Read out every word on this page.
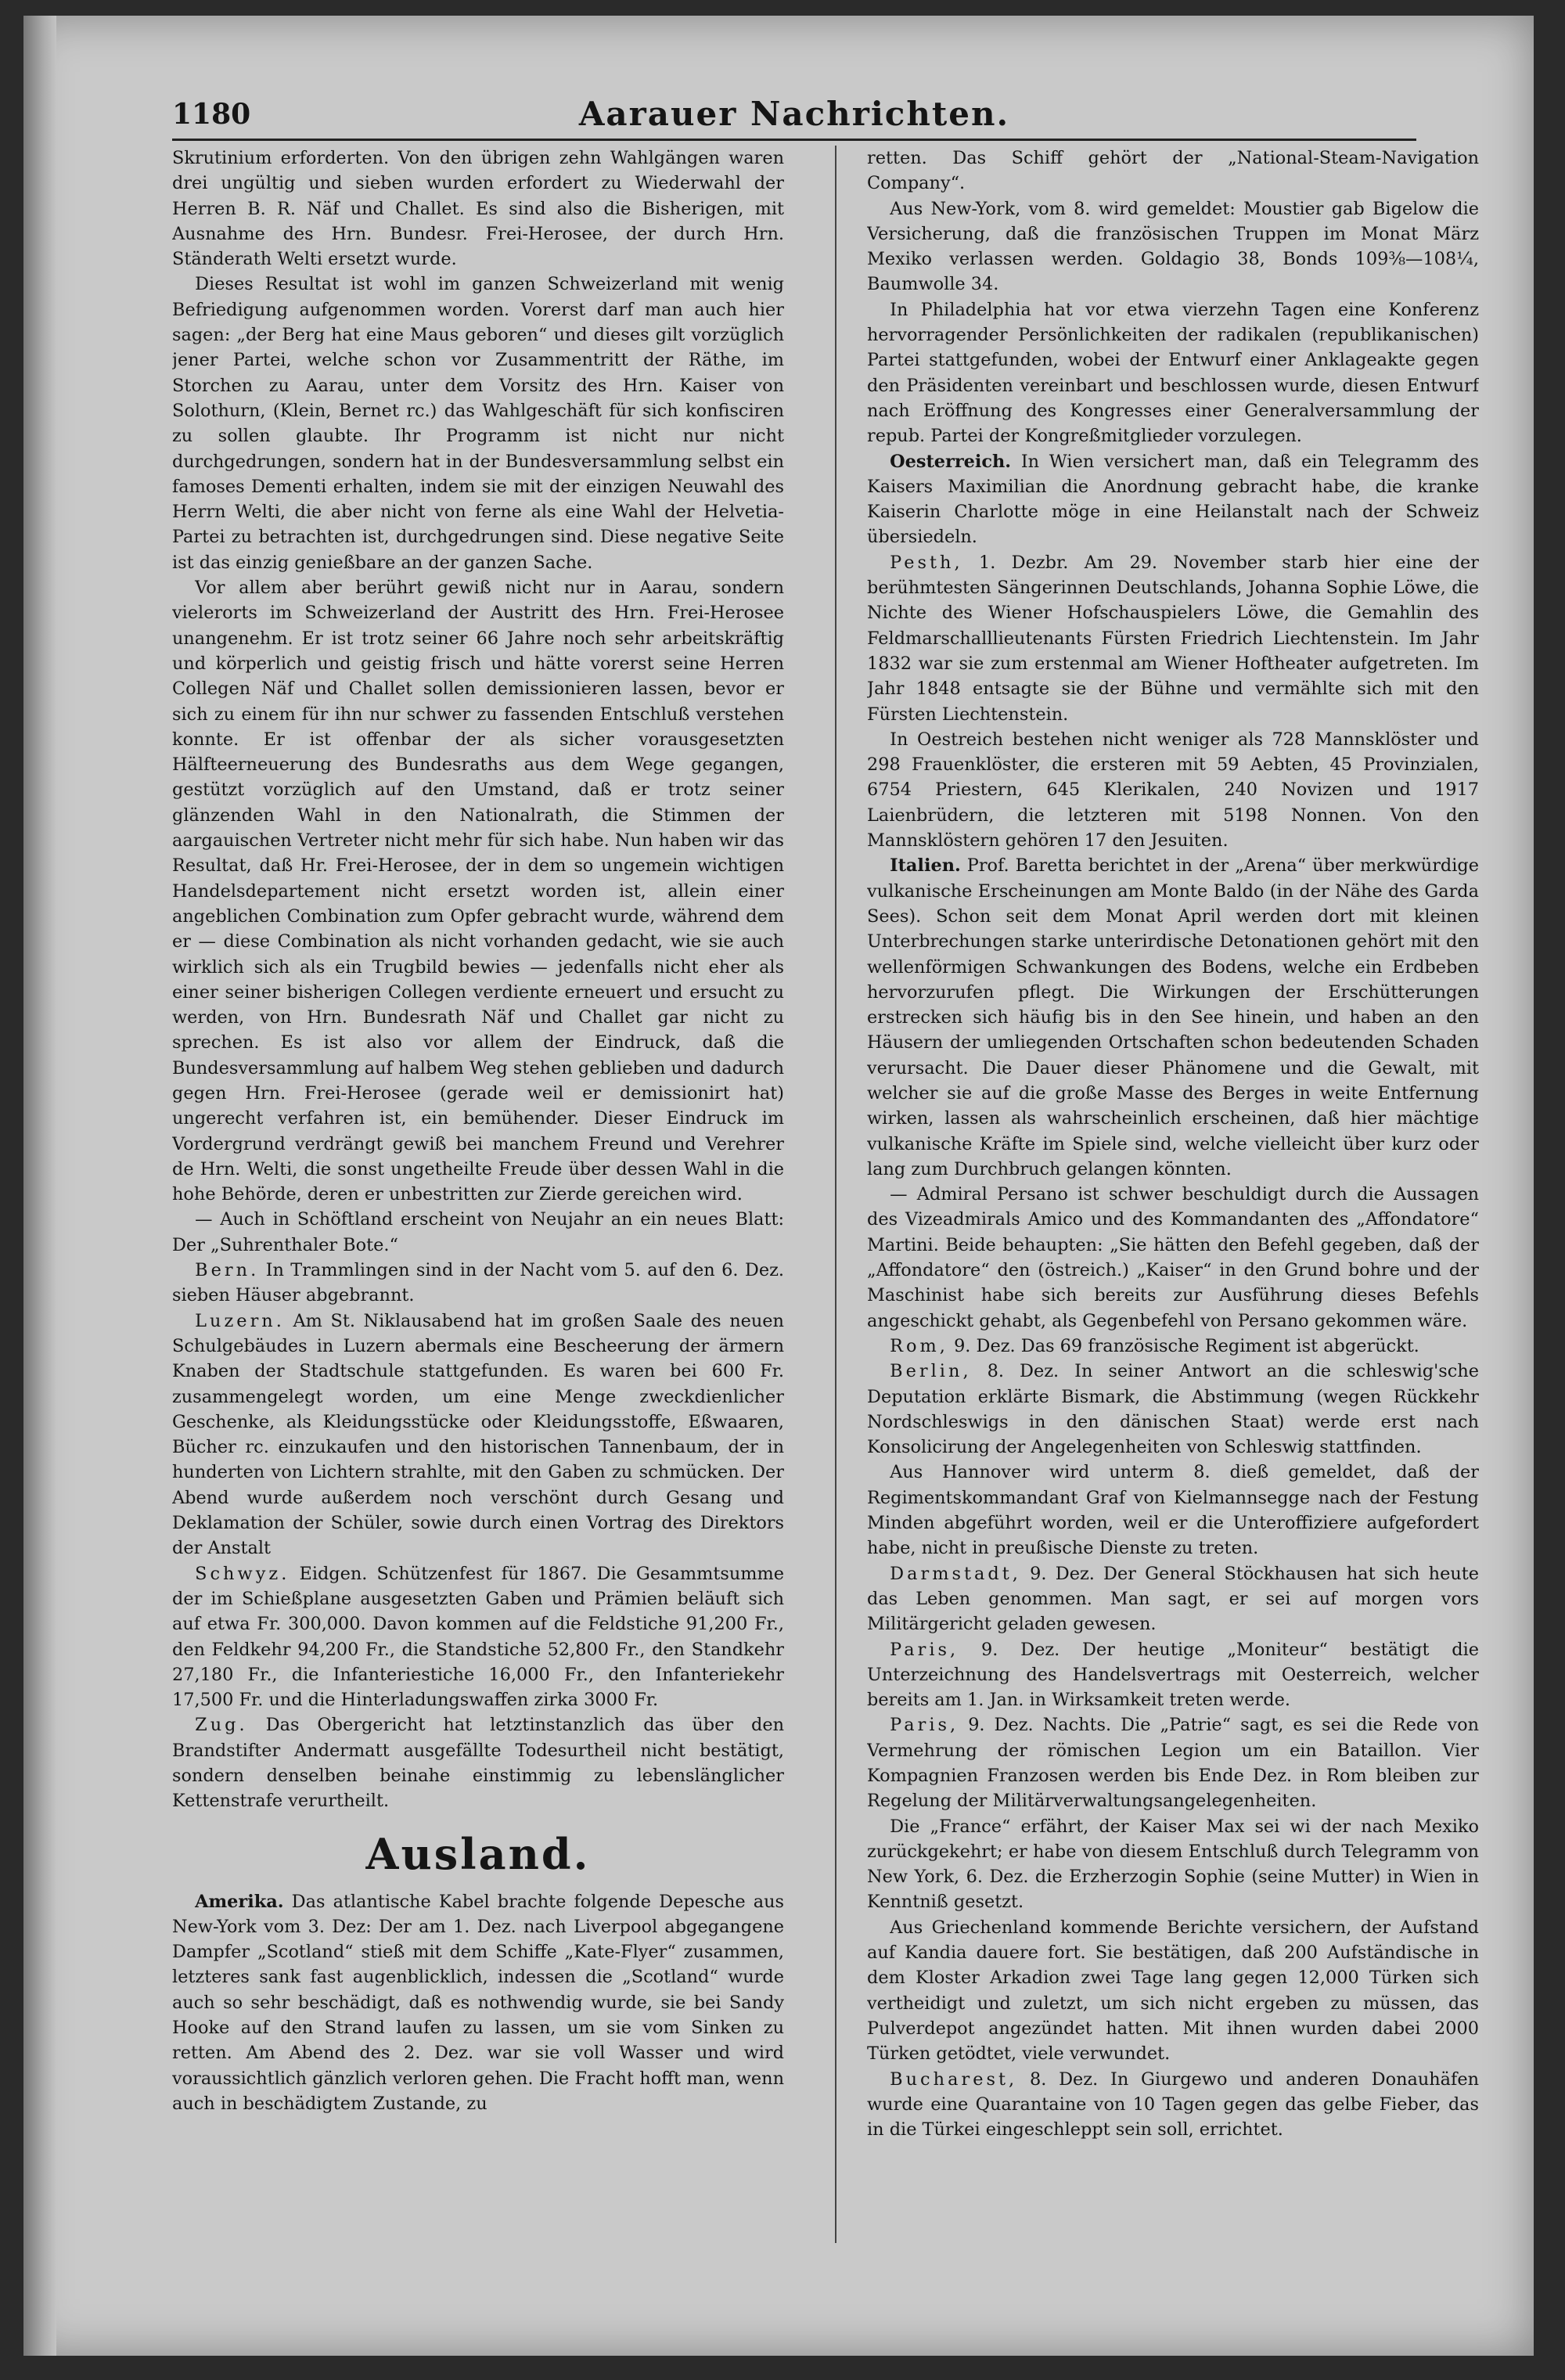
1180	Aarauer Nachrichten.

Skrutinium erforderten. Von den übrigen zehn Wahlgängen waren drei ungültig und sieben wurden erfordert zu Wiederwahl der Herren B. R. Näf und Challet. Es sind also die Bisherigen, mit Ausnahme des Hrn. Bundesr. Frei-Herosee, der durch Hrn. Ständerath Welti ersetzt wurde.

Dieses Resultat ist wohl im ganzen Schweizerland mit wenig Befriedigung aufgenommen worden. Vorerst darf man auch hier sagen: „der Berg hat eine Maus geboren“ und dieses gilt vorzüglich jener Partei, welche schon vor Zusammentritt der Räthe, im Storchen zu Aarau, unter dem Vorsitz des Hrn. Kaiser von Solothurn, (Klein, Bernet rc.) das Wahlgeschäft für sich konfisciren zu sollen glaubte. Ihr Programm ist nicht nur nicht durchgedrungen, sondern hat in der Bundesversammlung selbst ein famoses Dementi erhalten, indem sie mit der einzigen Neuwahl des Herrn Welti, die aber nicht von ferne als eine Wahl der Helvetia-Partei zu betrachten ist, durchgedrungen sind. Diese negative Seite ist das einzig genießbare an der ganzen Sache.

Vor allem aber berührt gewiß nicht nur in Aarau, sondern vielerorts im Schweizerland der Austritt des Hrn. Frei-Herosee unangenehm. Er ist trotz seiner 66 Jahre noch sehr arbeitskräftig und körperlich und geistig frisch und hätte vorerst seine Herren Collegen Näf und Challet sollen demissionieren lassen, bevor er sich zu einem für ihn nur schwer zu fassenden Entschluß verstehen konnte. Er ist offenbar der als sicher vorausgesetzten Hälfteerneuerung des Bundesraths aus dem Wege gegangen, gestützt vorzüglich auf den Umstand, daß er trotz seiner glänzenden Wahl in den Nationalrath, die Stimmen der aargauischen Vertreter nicht mehr für sich habe. Nun haben wir das Resultat, daß Hr. Frei-Herosee, der in dem so ungemein wichtigen Handelsdepartement nicht ersetzt worden ist, allein einer angeblichen Combination zum Opfer gebracht wurde, während dem er — diese Combination als nicht vorhanden gedacht, wie sie auch wirklich sich als ein Trugbild bewies — jedenfalls nicht eher als einer seiner bisherigen Collegen verdiente erneuert und ersucht zu werden, von Hrn. Bundesrath Näf und Challet gar nicht zu sprechen. Es ist also vor allem der Eindruck, daß die Bundesversammlung auf halbem Weg stehen geblieben und dadurch gegen Hrn. Frei-Herosee (gerade weil er demissionirt hat) ungerecht verfahren ist, ein bemühender. Dieser Eindruck im Vordergrund verdrängt gewiß bei manchem Freund und Verehrer de Hrn. Welti, die sonst ungetheilte Freude über dessen Wahl in die hohe Behörde, deren er unbestritten zur Zierde gereichen wird.

— Auch in Schöftland erscheint von Neujahr an ein neues Blatt: Der „Suhrenthaler Bote.“

Bern. In Trammlingen sind in der Nacht vom 5. auf den 6. Dez. sieben Häuser abgebrannt.

Luzern. Am St. Niklausabend hat im großen Saale des neuen Schulgebäudes in Luzern abermals eine Bescheerung der ärmern Knaben der Stadtschule stattgefunden. Es waren bei 600 Fr. zusammengelegt worden, um eine Menge zweckdienlicher Geschenke, als Kleidungsstücke oder Kleidungsstoffe, Eßwaaren, Bücher rc. einzukaufen und den historischen Tannenbaum, der in hunderten von Lichtern strahlte, mit den Gaben zu schmücken. Der Abend wurde außerdem noch verschönt durch Gesang und Deklamation der Schüler, sowie durch einen Vortrag des Direktors der Anstalt

Schwyz. Eidgen. Schützenfest für 1867. Die Gesammtsumme der im Schießplane ausgesetzten Gaben und Prämien beläuft sich auf etwa Fr. 300,000. Davon kommen auf die Feldstiche 91,200 Fr., den Feldkehr 94,200 Fr., die Standstiche 52,800 Fr., den Standkehr 27,180 Fr., die Infanteriestiche 16,000 Fr., den Infanteriekehr 17,500 Fr. und die Hinterladungswaffen zirka 3000 Fr.

Zug. Das Obergericht hat letztinstanzlich das über den Brandstifter Andermatt ausgefällte Todesurtheil nicht bestätigt, sondern denselben beinahe einstimmig zu lebenslänglicher Kettenstrafe verurtheilt.

Ausland.

Amerika. Das atlantische Kabel brachte folgende Depesche aus New-York vom 3. Dez: Der am 1. Dez. nach Liverpool abgegangene Dampfer „Scotland“ stieß mit dem Schiffe „Kate-Flyer“ zusammen, letzteres sank fast augenblicklich, indessen die „Scotland“ wurde auch so sehr beschädigt, daß es nothwendig wurde, sie bei Sandy Hooke auf den Strand laufen zu lassen, um sie vom Sinken zu retten. Am Abend des 2. Dez. war sie voll Wasser und wird voraussichtlich gänzlich verloren gehen. Die Fracht hofft man, wenn auch in beschädigtem Zustande, zu

retten. Das Schiff gehört der „National-Steam-Navigation Company“.

Aus New-York, vom 8. wird gemeldet: Moustier gab Bigelow die Versicherung, daß die französischen Truppen im Monat März Mexiko verlassen werden. Goldagio 38, Bonds 109⅜—108¼, Baumwolle 34.

In Philadelphia hat vor etwa vierzehn Tagen eine Konferenz hervorragender Persönlichkeiten der radikalen (republikanischen) Partei stattgefunden, wobei der Entwurf einer Anklageakte gegen den Präsidenten vereinbart und beschlossen wurde, diesen Entwurf nach Eröffnung des Kongresses einer Generalversammlung der repub. Partei der Kongreßmitglieder vorzulegen.

Oesterreich. In Wien versichert man, daß ein Telegramm des Kaisers Maximilian die Anordnung gebracht habe, die kranke Kaiserin Charlotte möge in eine Heilanstalt nach der Schweiz übersiedeln.

Pesth, 1. Dezbr. Am 29. November starb hier eine der berühmtesten Sängerinnen Deutschlands, Johanna Sophie Löwe, die Nichte des Wiener Hofschauspielers Löwe, die Gemahlin des Feldmarschalllieutenants Fürsten Friedrich Liechtenstein. Im Jahr 1832 war sie zum erstenmal am Wiener Hoftheater aufgetreten. Im Jahr 1848 entsagte sie der Bühne und vermählte sich mit den Fürsten Liechtenstein.

In Oestreich bestehen nicht weniger als 728 Mannsklöster und 298 Frauenklöster, die ersteren mit 59 Aebten, 45 Provinzialen, 6754 Priestern, 645 Klerikalen, 240 Novizen und 1917 Laienbrüdern, die letzteren mit 5198 Nonnen. Von den Mannsklöstern gehören 17 den Jesuiten.

Italien. Prof. Baretta berichtet in der „Arena“ über merkwürdige vulkanische Erscheinungen am Monte Baldo (in der Nähe des Garda Sees). Schon seit dem Monat April werden dort mit kleinen Unterbrechungen starke unterirdische Detonationen gehört mit den wellenförmigen Schwankungen des Bodens, welche ein Erdbeben hervorzurufen pflegt. Die Wirkungen der Erschütterungen erstrecken sich häufig bis in den See hinein, und haben an den Häusern der umliegenden Ortschaften schon bedeutenden Schaden verursacht. Die Dauer dieser Phänomene und die Gewalt, mit welcher sie auf die große Masse des Berges in weite Entfernung wirken, lassen als wahrscheinlich erscheinen, daß hier mächtige vulkanische Kräfte im Spiele sind, welche vielleicht über kurz oder lang zum Durchbruch gelangen könnten.

— Admiral Persano ist schwer beschuldigt durch die Aussagen des Vizeadmirals Amico und des Kommandanten des „Affondatore“ Martini. Beide behaupten: „Sie hätten den Befehl gegeben, daß der „Affondatore“ den (östreich.) „Kaiser“ in den Grund bohre und der Maschinist habe sich bereits zur Ausführung dieses Befehls angeschickt gehabt, als Gegenbefehl von Persano gekommen wäre.

Rom, 9. Dez. Das 69 französische Regiment ist abgerückt.

Berlin, 8. Dez. In seiner Antwort an die schleswig'sche Deputation erklärte Bismark, die Abstimmung (wegen Rückkehr Nordschleswigs in den dänischen Staat) werde erst nach Konsolicirung der Angelegenheiten von Schleswig stattfinden.

Aus Hannover wird unterm 8. dieß gemeldet, daß der Regimentskommandant Graf von Kielmannsegge nach der Festung Minden abgeführt worden, weil er die Unteroffiziere aufgefordert habe, nicht in preußische Dienste zu treten.

Darmstadt, 9. Dez. Der General Stöckhausen hat sich heute das Leben genommen. Man sagt, er sei auf morgen vors Militärgericht geladen gewesen.

Paris, 9. Dez. Der heutige „Moniteur“ bestätigt die Unterzeichnung des Handelsvertrags mit Oesterreich, welcher bereits am 1. Jan. in Wirksamkeit treten werde.

Paris, 9. Dez. Nachts. Die „Patrie“ sagt, es sei die Rede von Vermehrung der römischen Legion um ein Bataillon. Vier Kompagnien Franzosen werden bis Ende Dez. in Rom bleiben zur Regelung der Militärverwaltungsangelegenheiten.

Die „France“ erfährt, der Kaiser Max sei wi der nach Mexiko zurückgekehrt; er habe von diesem Entschluß durch Telegramm von New York, 6. Dez. die Erzherzogin Sophie (seine Mutter) in Wien in Kenntniß gesetzt.

Aus Griechenland kommende Berichte versichern, der Aufstand auf Kandia dauere fort. Sie bestätigen, daß 200 Aufständische in dem Kloster Arkadion zwei Tage lang gegen 12,000 Türken sich vertheidigt und zuletzt, um sich nicht ergeben zu müssen, das Pulverdepot angezündet hatten. Mit ihnen wurden dabei 2000 Türken getödtet, viele verwundet.

Bucharest, 8. Dez. In Giurgewo und anderen Donauhäfen wurde eine Quarantaine von 10 Tagen gegen das gelbe Fieber, das in die Türkei eingeschleppt sein soll, errichtet.
